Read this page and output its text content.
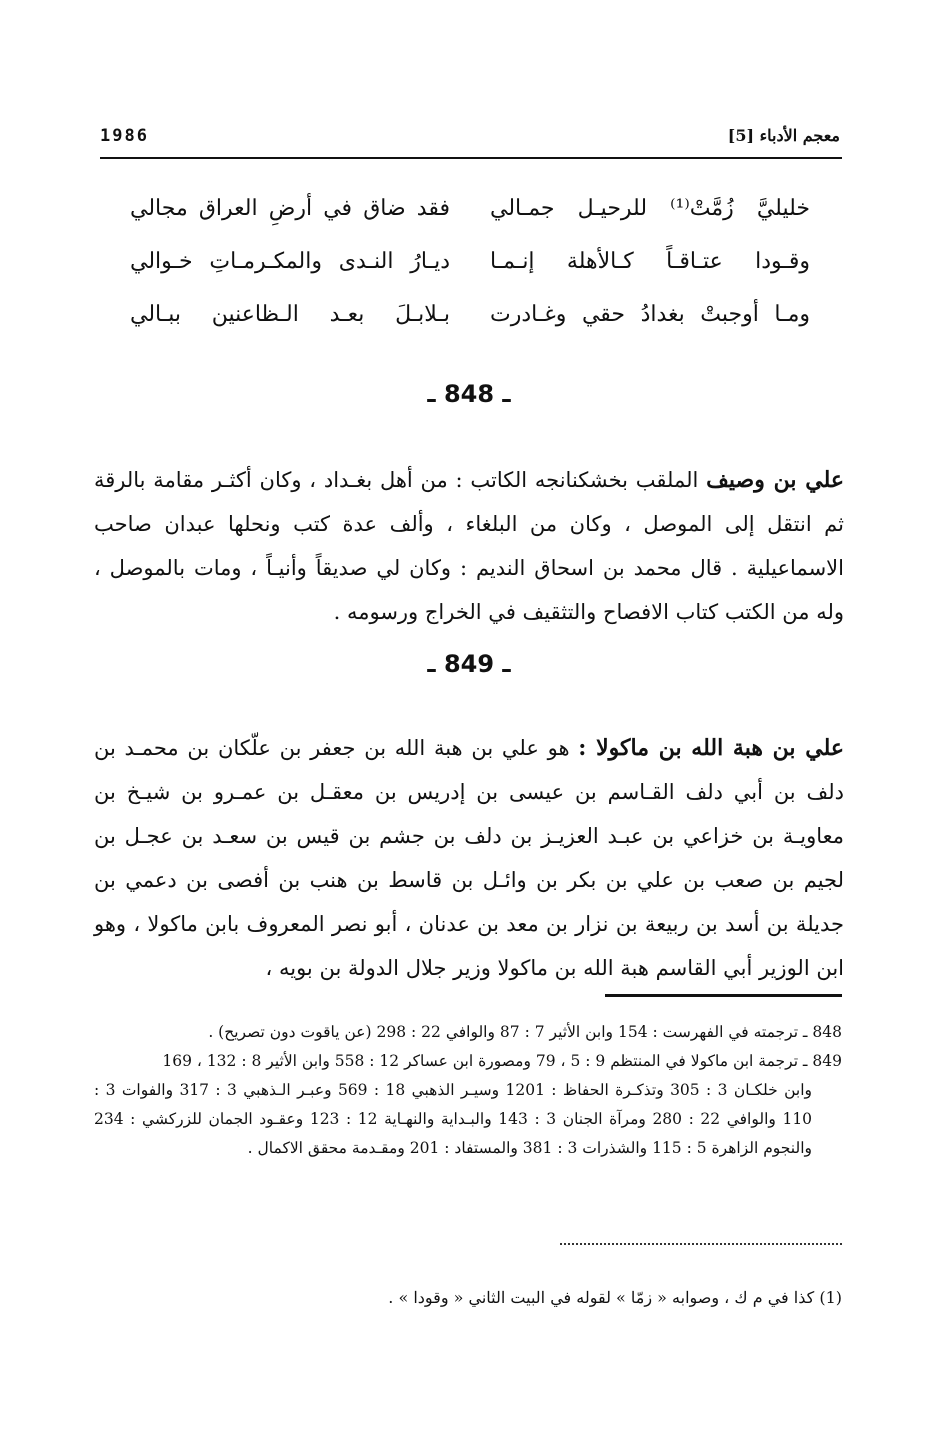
1986	معجم الأدباء [5]
خليليَّ زُمَّتْ⁽¹⁾ للرحيـل جمـالي
فقد ضاق في أرضِ العراق مجالي
وقـودا عتـاقـاً كـالأهلة إنـمـا
ديـارُ النـدى والمكـرمـاتِ خـوالي
ومـا أوجبتْ بغدادُ حقي وغـادرت
بـلابـلَ بعـد الـظاعنين ببـالي
ـ 848 ـ

علي بن وصيف الملقب بخشكنانجه الكاتب : من أهل بغـداد ، وكان أكثـر مقامة بالرقة ثم انتقل إلى الموصل ، وكان من البلغاء ، وألف عدة كتب ونحلها عبدان صاحب الاسماعيلية . قال محمد بن اسحاق النديم : وكان لي صديقاً وأنيـاً ، ومات بالموصل ، وله من الكتب كتاب الافصاح والتثقيف في الخراج ورسومه .

ـ 849 ـ

علي بن هبة الله بن ماكولا : هو علي بن هبة الله بن جعفر بن علّكان بن محمـد بن دلف بن أبي دلف القـاسم بن عيسى بن إدريس بن معقـل بن عمـرو بن شيـخ بن معاويـة بن خزاعي بن عبـد العزيـز بن دلف بن جشم بن قيس بن سعـد بن عجـل بن لجيم بن صعب بن علي بن بكر بن وائـل بن قاسط بن هنب بن أفصى بن دعمي بن جديلة بن أسد بن ربيعة بن نزار بن معد بن عدنان ، أبو نصر المعروف بابن ماكولا ، وهو ابن الوزير أبي القاسم هبة الله بن ماكولا وزير جلال الدولة بن بويه ،

848 ـ ترجمته في الفهرست : 154 وابن الأثير 7 : 87 والوافي 22 : 298 (عن ياقوت دون تصريح) .

849 ـ ترجمة ابن ماكولا في المنتظم 9 : 5 ، 79 ومصورة ابن عساكر 12 : 558 وابن الأثير 8 : 132 ، 169

وابن خلكـان 3 : 305 وتذكـرة الحفاظ : 1201 وسيـر الذهبي 18 : 569 وعبـر الـذهبي 3 : 317 والفوات 3 : 110 والوافي 22 : 280 ومرآة الجنان 3 : 143 والبـداية والنهـاية 12 : 123 وعقـود الجمان للزركشي : 234 والنجوم الزاهرة 5 : 115 والشذرات 3 : 381 والمستفاد : 201 ومقـدمة محقق الاكمال .

(1) كذا في م ك ، وصوابه « زمّا » لقوله في البيت الثاني « وقودا » .
